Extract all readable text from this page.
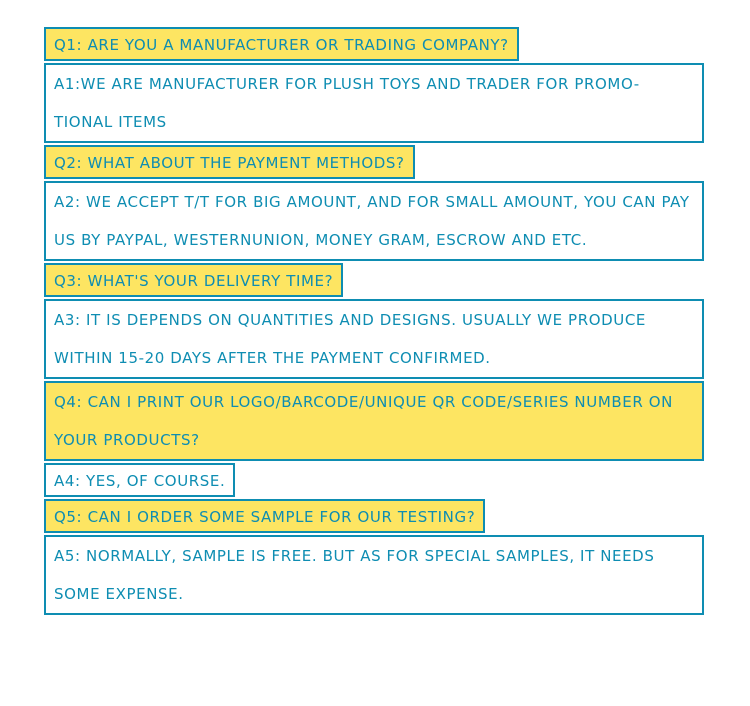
Q1: ARE YOU A MANUFACTURER OR TRADING COMPANY?
A1:WE ARE MANUFACTURER FOR PLUSH TOYS AND TRADER FOR PROMO- TIONAL ITEMS
Q2: WHAT ABOUT THE PAYMENT METHODS?
A2: WE ACCEPT T/T FOR BIG AMOUNT, AND FOR SMALL AMOUNT, YOU CAN PAY US BY PAYPAL, WESTERNUNION, MONEY GRAM, ESCROW AND ETC.
Q3: WHAT'S YOUR DELIVERY TIME?
A3: IT IS DEPENDS ON QUANTITIES AND DESIGNS. USUALLY WE PRODUCE WITHIN 15-20 DAYS AFTER THE PAYMENT CONFIRMED.
Q4: CAN I PRINT OUR LOGO/BARCODE/UNIQUE QR CODE/SERIES NUMBER ON YOUR PRODUCTS?
A4: YES, OF COURSE.
Q5: CAN I ORDER SOME SAMPLE FOR OUR TESTING?
A5: NORMALLY, SAMPLE IS FREE. BUT AS FOR SPECIAL SAMPLES, IT NEEDS SOME EXPENSE.
